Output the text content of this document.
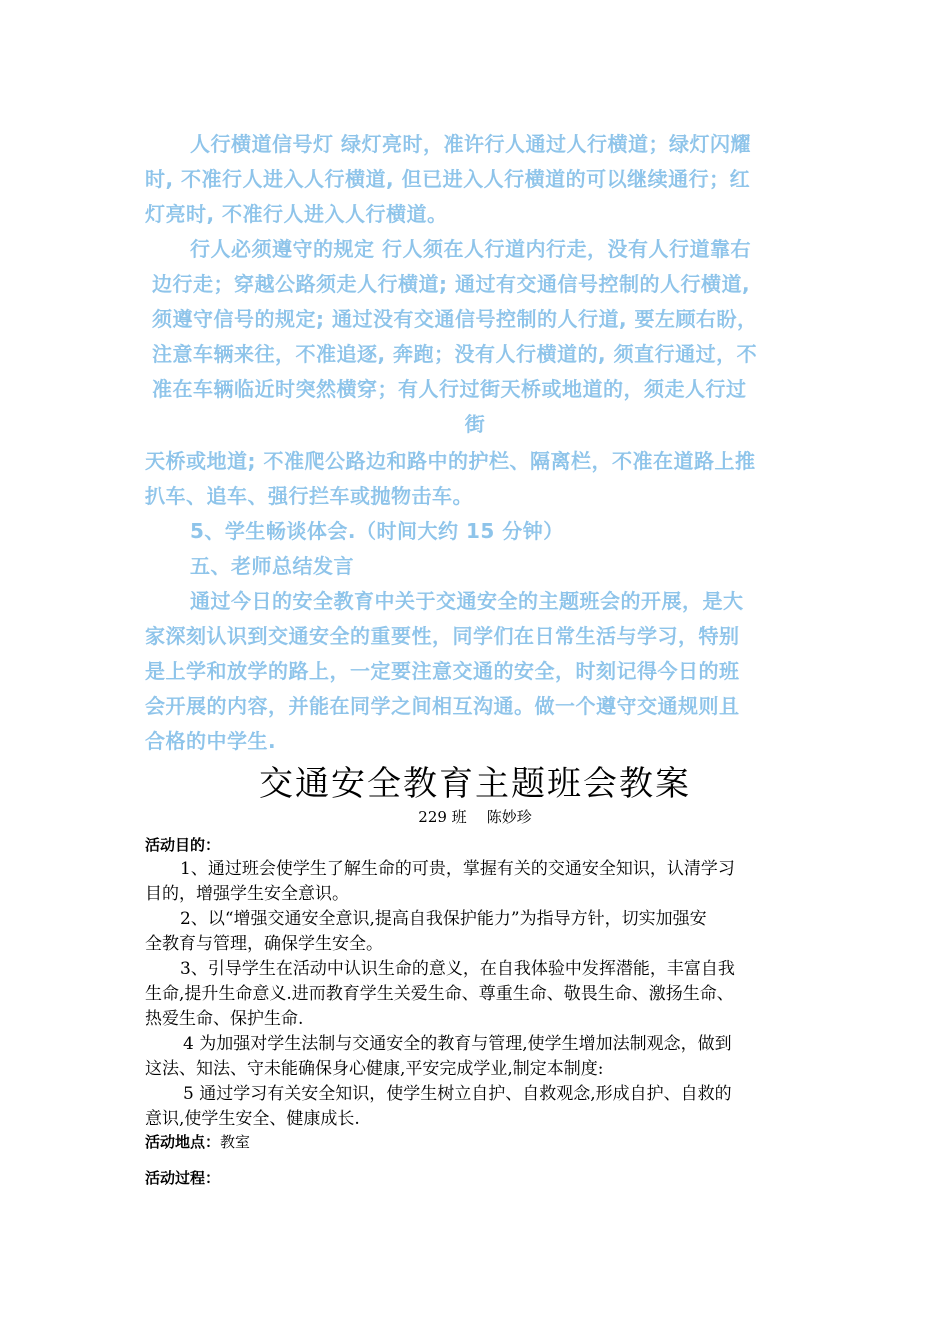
人行横道信号灯 绿灯亮时，准许行人通过人行横道；绿灯闪耀
时, 不准行人进入人行横道, 但已进入人行横道的可以继续通行；红
灯亮时, 不准行人进入人行横道。
行人必须遵守的规定 行人须在人行道内行走，没有人行道靠右
边行走；穿越公路须走人行横道; 通过有交通信号控制的人行横道,
须遵守信号的规定; 通过没有交通信号控制的人行道, 要左顾右盼，
注意车辆来往，不准追逐, 奔跑；没有人行横道的, 须直行通过，不
准在车辆临近时突然横穿；有人行过街天桥或地道的，须走人行过
街
天桥或地道; 不准爬公路边和路中的护栏、隔离栏，不准在道路上推
扒车、追车、强行拦车或抛物击车。
5、学生畅谈体会.（时间大约 15 分钟）
五、老师总结发言
通过今日的安全教育中关于交通安全的主题班会的开展，是大
家深刻认识到交通安全的重要性，同学们在日常生活与学习，特别
是上学和放学的路上，一定要注意交通的安全，时刻记得今日的班
会开展的内容，并能在同学之间相互沟通。做一个遵守交通规则且
合格的中学生.
交通安全教育主题班会教案
229 班 陈妙珍
活动目的：
1、通过班会使学生了解生命的可贵，掌握有关的交通安全知识，认清学习
目的，增强学生安全意识。
2、以“增强交通安全意识,提高自我保护能力”为指导方针，切实加强安
全教育与管理，确保学生安全。
3、引导学生在活动中认识生命的意义，在自我体验中发挥潜能，丰富自我
生命,提升生命意义.进而教育学生关爱生命、尊重生命、敬畏生命、激扬生命、
热爱生命、保护生命.
4 为加强对学生法制与交通安全的教育与管理,使学生增加法制观念，做到
这法、知法、守未能确保身心健康,平安完成学业,制定本制度:
5 通过学习有关安全知识，使学生树立自护、自救观念,形成自护、自救的
意识,使学生安全、健康成长.
活动地点：教室
活动过程：
